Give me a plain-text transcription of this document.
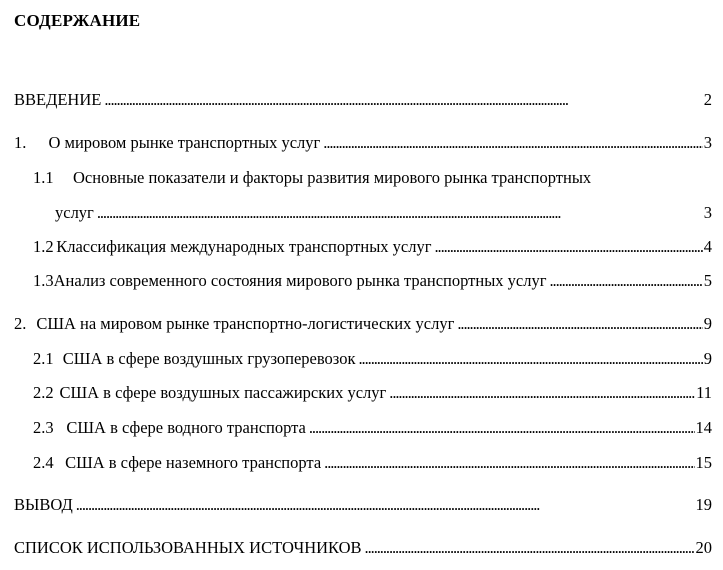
СОДЕРЖАНИЕ
ВВЕДЕНИЕ . . .	2
1.	О мировом рынке транспортных услуг . . .	3
1.1 Основные показатели и факторы развития мирового рынка транспортных
услуг . . .	3
1.2 Классификация международных транспортных услуг . . .	4
1.3 Анализ современного состояния мирового рынка транспортных услуг . . .	5
2. США на мировом рынке транспортно-логистических услуг . . .	9
2.1 США в сфере воздушных грузоперевозок . . .	9
2.2 США в сфере воздушных пассажирских услуг . . .	11
2.3 США в сфере водного транспорта . . .	14
2.4 США в сфере наземного транспорта . . .	15
ВЫВОД . . .	19
СПИСОК ИСПОЛЬЗОВАННЫХ ИСТОЧНИКОВ . . .	20
